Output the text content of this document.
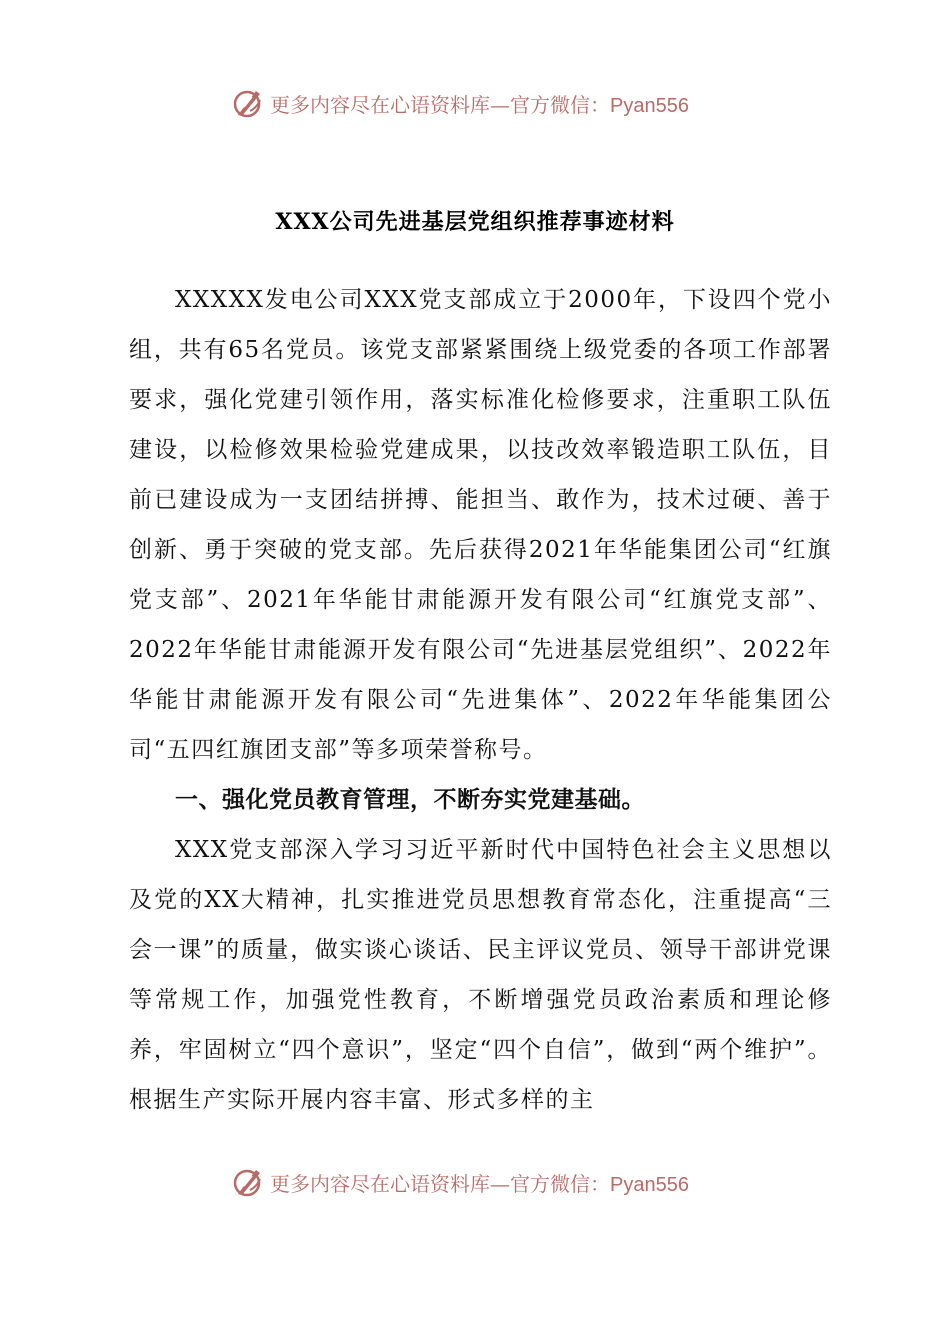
更多内容尽在心语资料库—官方微信：Pyan556
XXX公司先进基层党组织推荐事迹材料

XXXXX发电公司XXX党支部成立于2000年，下设四个党小组，共有65名党员。该党支部紧紧围绕上级党委的各项工作部署要求，强化党建引领作用，落实标准化检修要求，注重职工队伍建设，以检修效果检验党建成果，以技改效率锻造职工队伍，目前已建设成为一支团结拼搏、能担当、敢作为，技术过硬、善于创新、勇于突破的党支部。先后获得2021年华能集团公司“红旗党支部”、2021年华能甘肃能源开发有限公司“红旗党支部”、2022年华能甘肃能源开发有限公司“先进基层党组织”、2022年华能甘肃能源开发有限公司“先进集体”、2022年华能集团公司“五四红旗团支部”等多项荣誉称号。

一、强化党员教育管理，不断夯实党建基础。

XXX党支部深入学习习近平新时代中国特色社会主义思想以及党的XX大精神，扎实推进党员思想教育常态化，注重提高“三会一课”的质量，做实谈心谈话、民主评议党员、领导干部讲党课等常规工作，加强党性教育，不断增强党员政治素质和理论修养，牢固树立“四个意识”，坚定“四个自信”，做到“两个维护”。根据生产实际开展内容丰富、形式多样的主

更多内容尽在心语资料库—官方微信：Pyan556
